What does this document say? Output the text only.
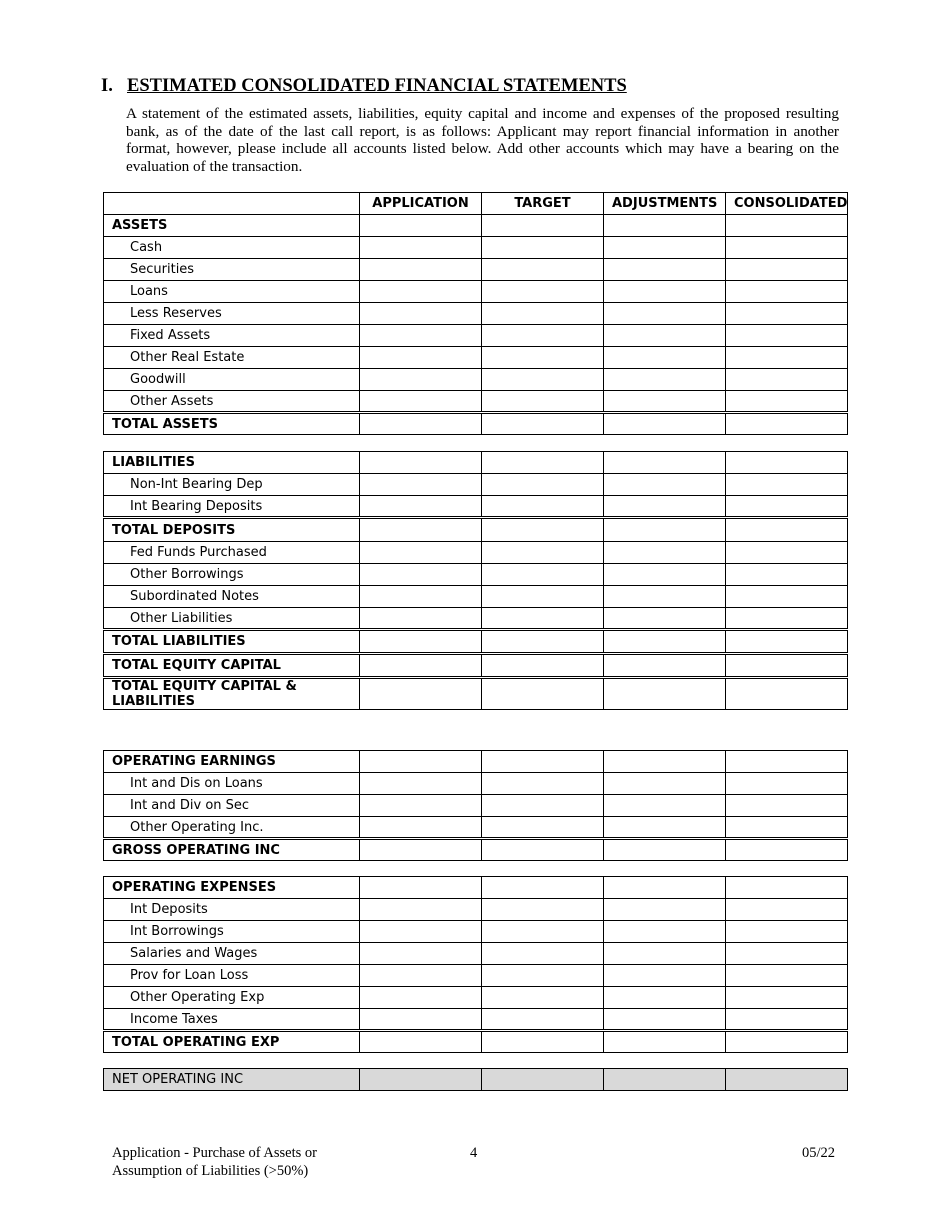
I. ESTIMATED CONSOLIDATED FINANCIAL STATEMENTS
A statement of the estimated assets, liabilities, equity capital and income and expenses of the proposed resulting bank, as of the date of the last call report, is as follows: Applicant may report financial information in another format, however, please include all accounts listed below. Add other accounts which may have a bearing on the evaluation of the transaction.
	APPLICATION	TARGET	ADJUSTMENTS	CONSOLIDATED
ASSETS				
Cash				
Securities				
Loans				
Less Reserves				
Fixed Assets				
Other Real Estate				
Goodwill				
Other Assets				
TOTAL ASSETS				
LIABILITIES				
Non-Int Bearing Dep				
Int Bearing Deposits				
TOTAL DEPOSITS				
Fed Funds Purchased				
Other Borrowings				
Subordinated Notes				
Other Liabilities				
TOTAL LIABILITIES				
TOTAL EQUITY CAPITAL				
TOTAL EQUITY CAPITAL & LIABILITIES				
OPERATING EARNINGS				
Int and Dis on Loans				
Int and Div on Sec				
Other Operating Inc.				
GROSS OPERATING INC				
OPERATING EXPENSES				
Int Deposits				
Int Borrowings				
Salaries and Wages				
Prov for Loan Loss				
Other Operating Exp				
Income Taxes				
TOTAL OPERATING EXP				
NET OPERATING INC				
Application - Purchase of Assets or
Assumption of Liabilities (>50%)
4	05/22
